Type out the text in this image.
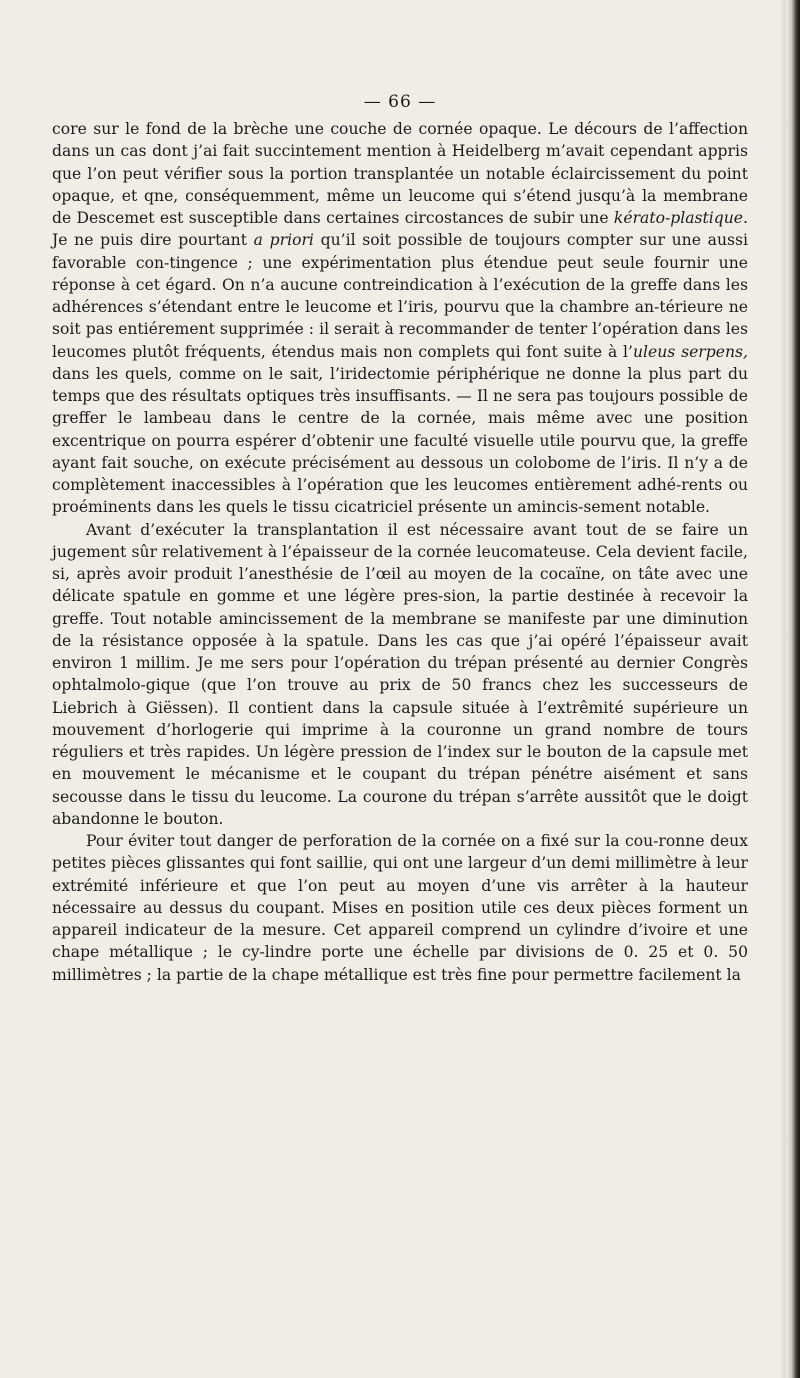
— 66 —

core sur le fond de la brèche une couche de cornée opaque. Le décours de l’affection dans un cas dont j’ai fait succintement mention à Heidelberg m’avait cependant appris que l’on peut vérifier sous la portion transplantée un notable éclaircissement du point opaque, et qne, conséquemment, même un leucome qui s’étend jusqu’à la membrane de Descemet est susceptible dans certaines circostances de subir une kérato-plastique. Je ne puis dire pourtant a priori qu’il soit possible de toujours compter sur une aussi favorable con-tingence ; une expérimentation plus étendue peut seule fournir une réponse à cet égard. On n’a aucune contreindication à l’exécution de la greffe dans les adhérences s’étendant entre le leucome et l’iris, pourvu que la chambre an-térieure ne soit pas entiérement supprimée : il serait à recommander de tenter l’opération dans les leucomes plutôt fréquents, étendus mais non complets qui font suite à l’uleus serpens, dans les quels, comme on le sait, l’iridectomie périphérique ne donne la plus part du temps que des résultats optiques très insuffisants. — Il ne sera pas toujours possible de greffer le lambeau dans le centre de la cornée, mais même avec une position excentrique on pourra espérer d’obtenir une faculté visuelle utile pourvu que, la greffe ayant fait souche, on exécute précisément au dessous un colobome de l’iris. Il n’y a de complètement inaccessibles à l’opération que les leucomes entièrement adhé-rents ou proéminents dans les quels le tissu cicatriciel présente un amincis-sement notable.

Avant d’exécuter la transplantation il est nécessaire avant tout de se faire un jugement sûr relativement à l’épaisseur de la cornée leucomateuse. Cela devient facile, si, après avoir produit l’anesthésie de l’œil au moyen de la cocaïne, on tâte avec une délicate spatule en gomme et une légère pres-sion, la partie destinée à recevoir la greffe. Tout notable amincissement de la membrane se manifeste par une diminution de la résistance opposée à la spatule. Dans les cas que j’ai opéré l’épaisseur avait environ 1 millim. Je me sers pour l’opération du trépan présenté au dernier Congrès ophtalmolo-gique (que l’on trouve au prix de 50 francs chez les successeurs de Liebrich à Giëssen). Il contient dans la capsule située à l’extrêmité supérieure un mouvement d’horlogerie qui imprime à la couronne un grand nombre de tours réguliers et très rapides. Un légère pression de l’index sur le bouton de la capsule met en mouvement le mécanisme et le coupant du trépan pénétre aisément et sans secousse dans le tissu du leucome. La courone du trépan s’arrête aussitôt que le doigt abandonne le bouton.

Pour éviter tout danger de perforation de la cornée on a fixé sur la cou-ronne deux petites pièces glissantes qui font saillie, qui ont une largeur d’un demi millimètre à leur extrémité inférieure et que l’on peut au moyen d’une vis arrêter à la hauteur nécessaire au dessus du coupant. Mises en position utile ces deux pièces forment un appareil indicateur de la mesure. Cet appareil comprend un cylindre d’ivoire et une chape métallique ; le cy-lindre porte une échelle par divisions de 0. 25 et 0. 50 millimètres ; la partie de la chape métallique est très fine pour permettre facilement la
